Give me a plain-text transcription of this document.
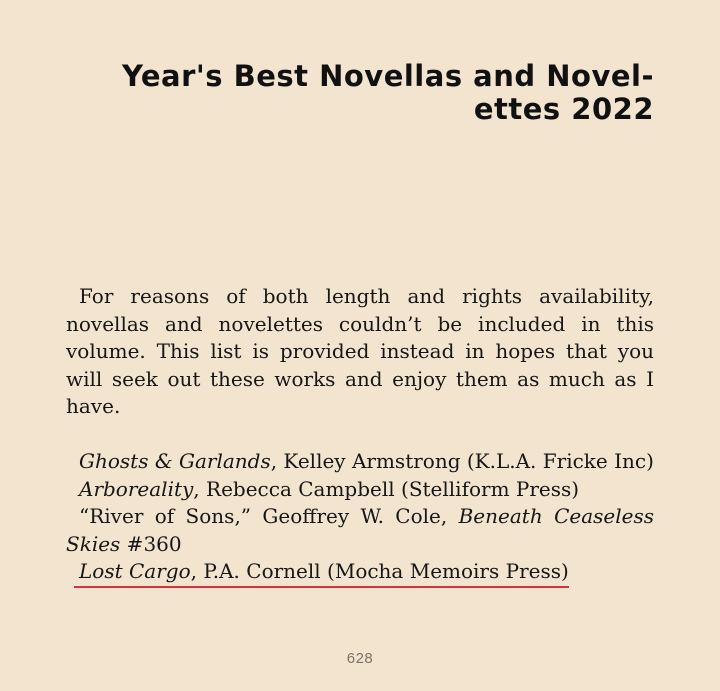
Year's Best Novellas and Novel-ettes 2022

For reasons of both length and rights availability, novellas and novelettes couldn’t be included in this volume. This list is provided instead in hopes that you will seek out these works and enjoy them as much as I have.

Ghosts & Garlands, Kelley Armstrong (K.L.A. Fricke Inc)
Arboreality, Rebecca Campbell (Stelliform Press)
“River of Sons,” Geoffrey W. Cole, Beneath Ceaseless Skies #360
Lost Cargo, P.A. Cornell (Mocha Memoirs Press)
628
